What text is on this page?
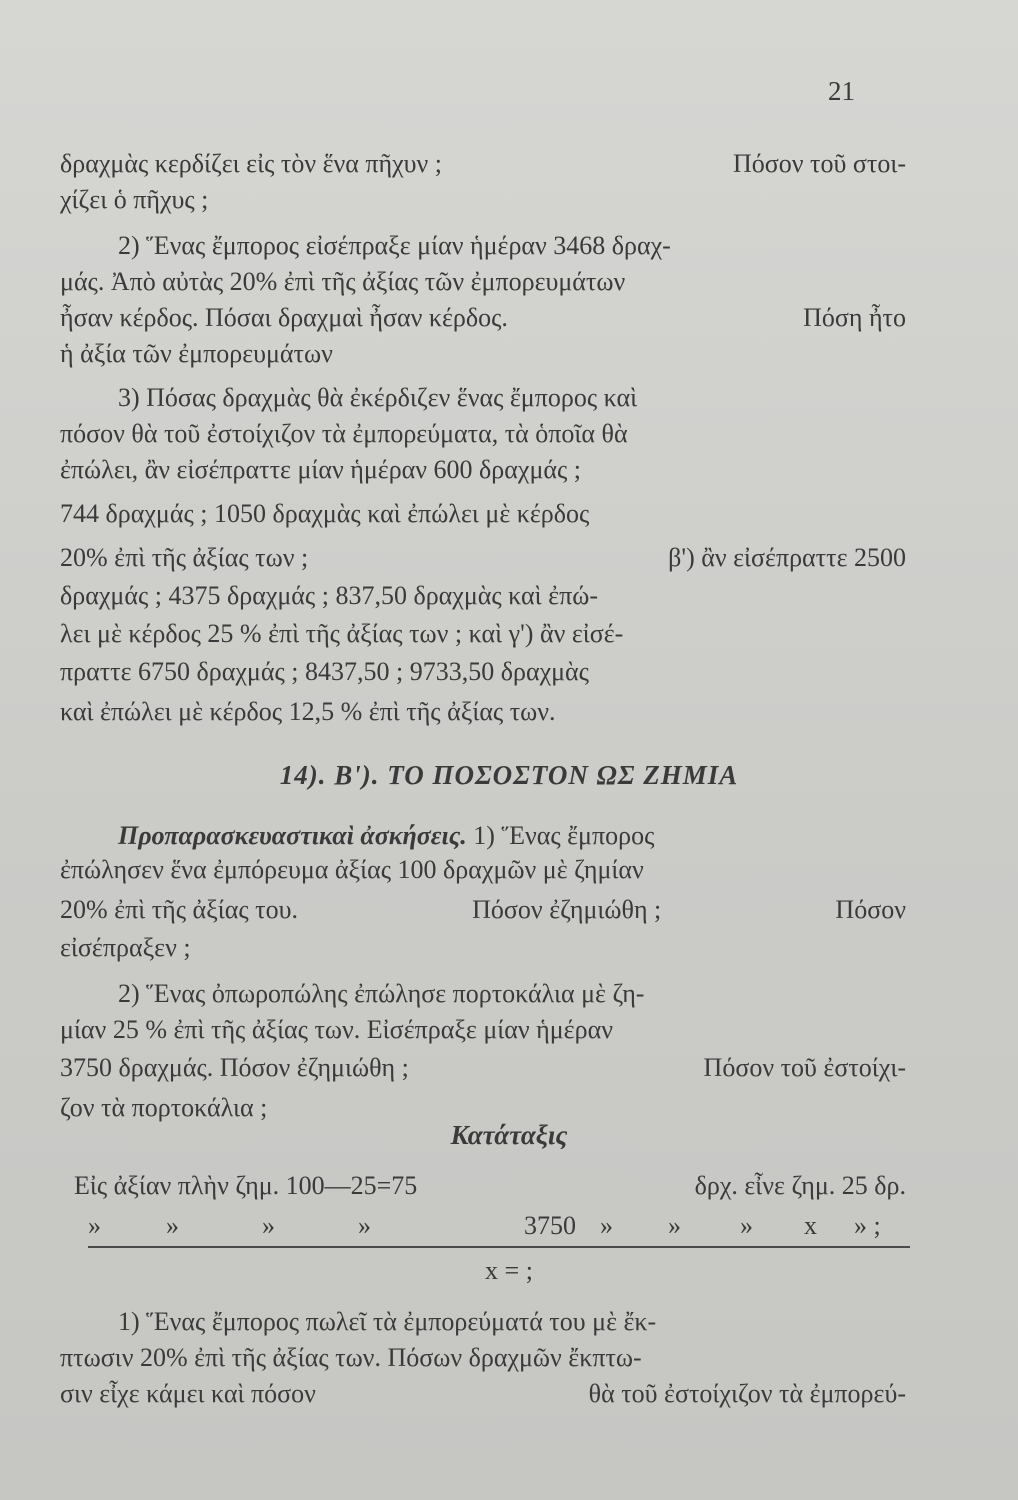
21
δραχμὰς κερδίζει εἰς τὸν ἕνα πῆχυν ;	Πόσον τοῦ στοι-
χίζει ὁ πῆχυς ;
2) Ἕνας ἔμπορος εἰσέπραξε μίαν ἡμέραν 3468 δραχ-
μάς. Ἀπὸ αὐτὰς 20% ἐπὶ τῆς ἀξίας τῶν ἐμπορευμάτων
ἦσαν κέρδος. Πόσαι δραχμαὶ ἦσαν κέρδος.	Πόση ἦτο
ἡ ἀξία τῶν ἐμπορευμάτων
3) Πόσας δραχμὰς θὰ ἐκέρδιζεν ἕνας ἔμπορος καὶ
πόσον θὰ τοῦ ἐστοίχιζον τὰ ἐμπορεύματα, τὰ ὁποῖα θὰ
ἐπώλει, ἂν εἰσέπραττε μίαν ἡμέραν 600 δραχμάς ;
744 δραχμάς ; 1050 δραχμὰς καὶ ἐπώλει μὲ κέρδος
20% ἐπὶ τῆς ἀξίας των ;	β') ἂν εἰσέπραττε 2500
δραχμάς ; 4375 δραχμάς ; 837,50 δραχμὰς καὶ ἐπώ-
λει μὲ κέρδος 25 % ἐπὶ τῆς ἀξίας των ; καὶ γ') ἂν εἰσέ-
πραττε 6750 δραχμάς ; 8437,50 ; 9733,50 δραχμὰς
καὶ ἐπώλει μὲ κέρδος 12,5 % ἐπὶ τῆς ἀξίας των.
14). Β'). ΤΟ ΠΟΣΟΣΤΟΝ ΩΣ ΖΗΜΙΑ
Προπαρασκευαστικαὶ ἀσκήσεις. 1) Ἕνας ἔμπορος
ἐπώλησεν ἕνα ἐμπόρευμα ἀξίας 100 δραχμῶν μὲ ζημίαν
20% ἐπὶ τῆς ἀξίας του.	Πόσον ἐζημιώθη ;	Πόσον
εἰσέπραξεν ;
2) Ἕνας ὀπωροπώλης ἐπώλησε πορτοκάλια μὲ ζη-
μίαν 25 % ἐπὶ τῆς ἀξίας των. Εἰσέπραξε μίαν ἡμέραν
3750 δραχμάς. Πόσον ἐζημιώθη ;	Πόσον τοῦ ἐστοίχι-
ζον τὰ πορτοκάλια ;
Κατάταξις
Εἰς ἀξίαν πλὴν ζημ. 100—25=75	δρχ. εἶνε ζημ. 25 δρ.
»	»	»	»	3750 »	»	»	x	» ;
x = ;
1) Ἕνας ἔμπορος πωλεῖ τὰ ἐμπορεύματά του μὲ ἔκ-
πτωσιν 20% ἐπὶ τῆς ἀξίας των. Πόσων δραχμῶν ἔκπτω-
σιν εἶχε κάμει καὶ πόσον	θὰ τοῦ ἐστοίχιζον τὰ ἐμπορεύ-
